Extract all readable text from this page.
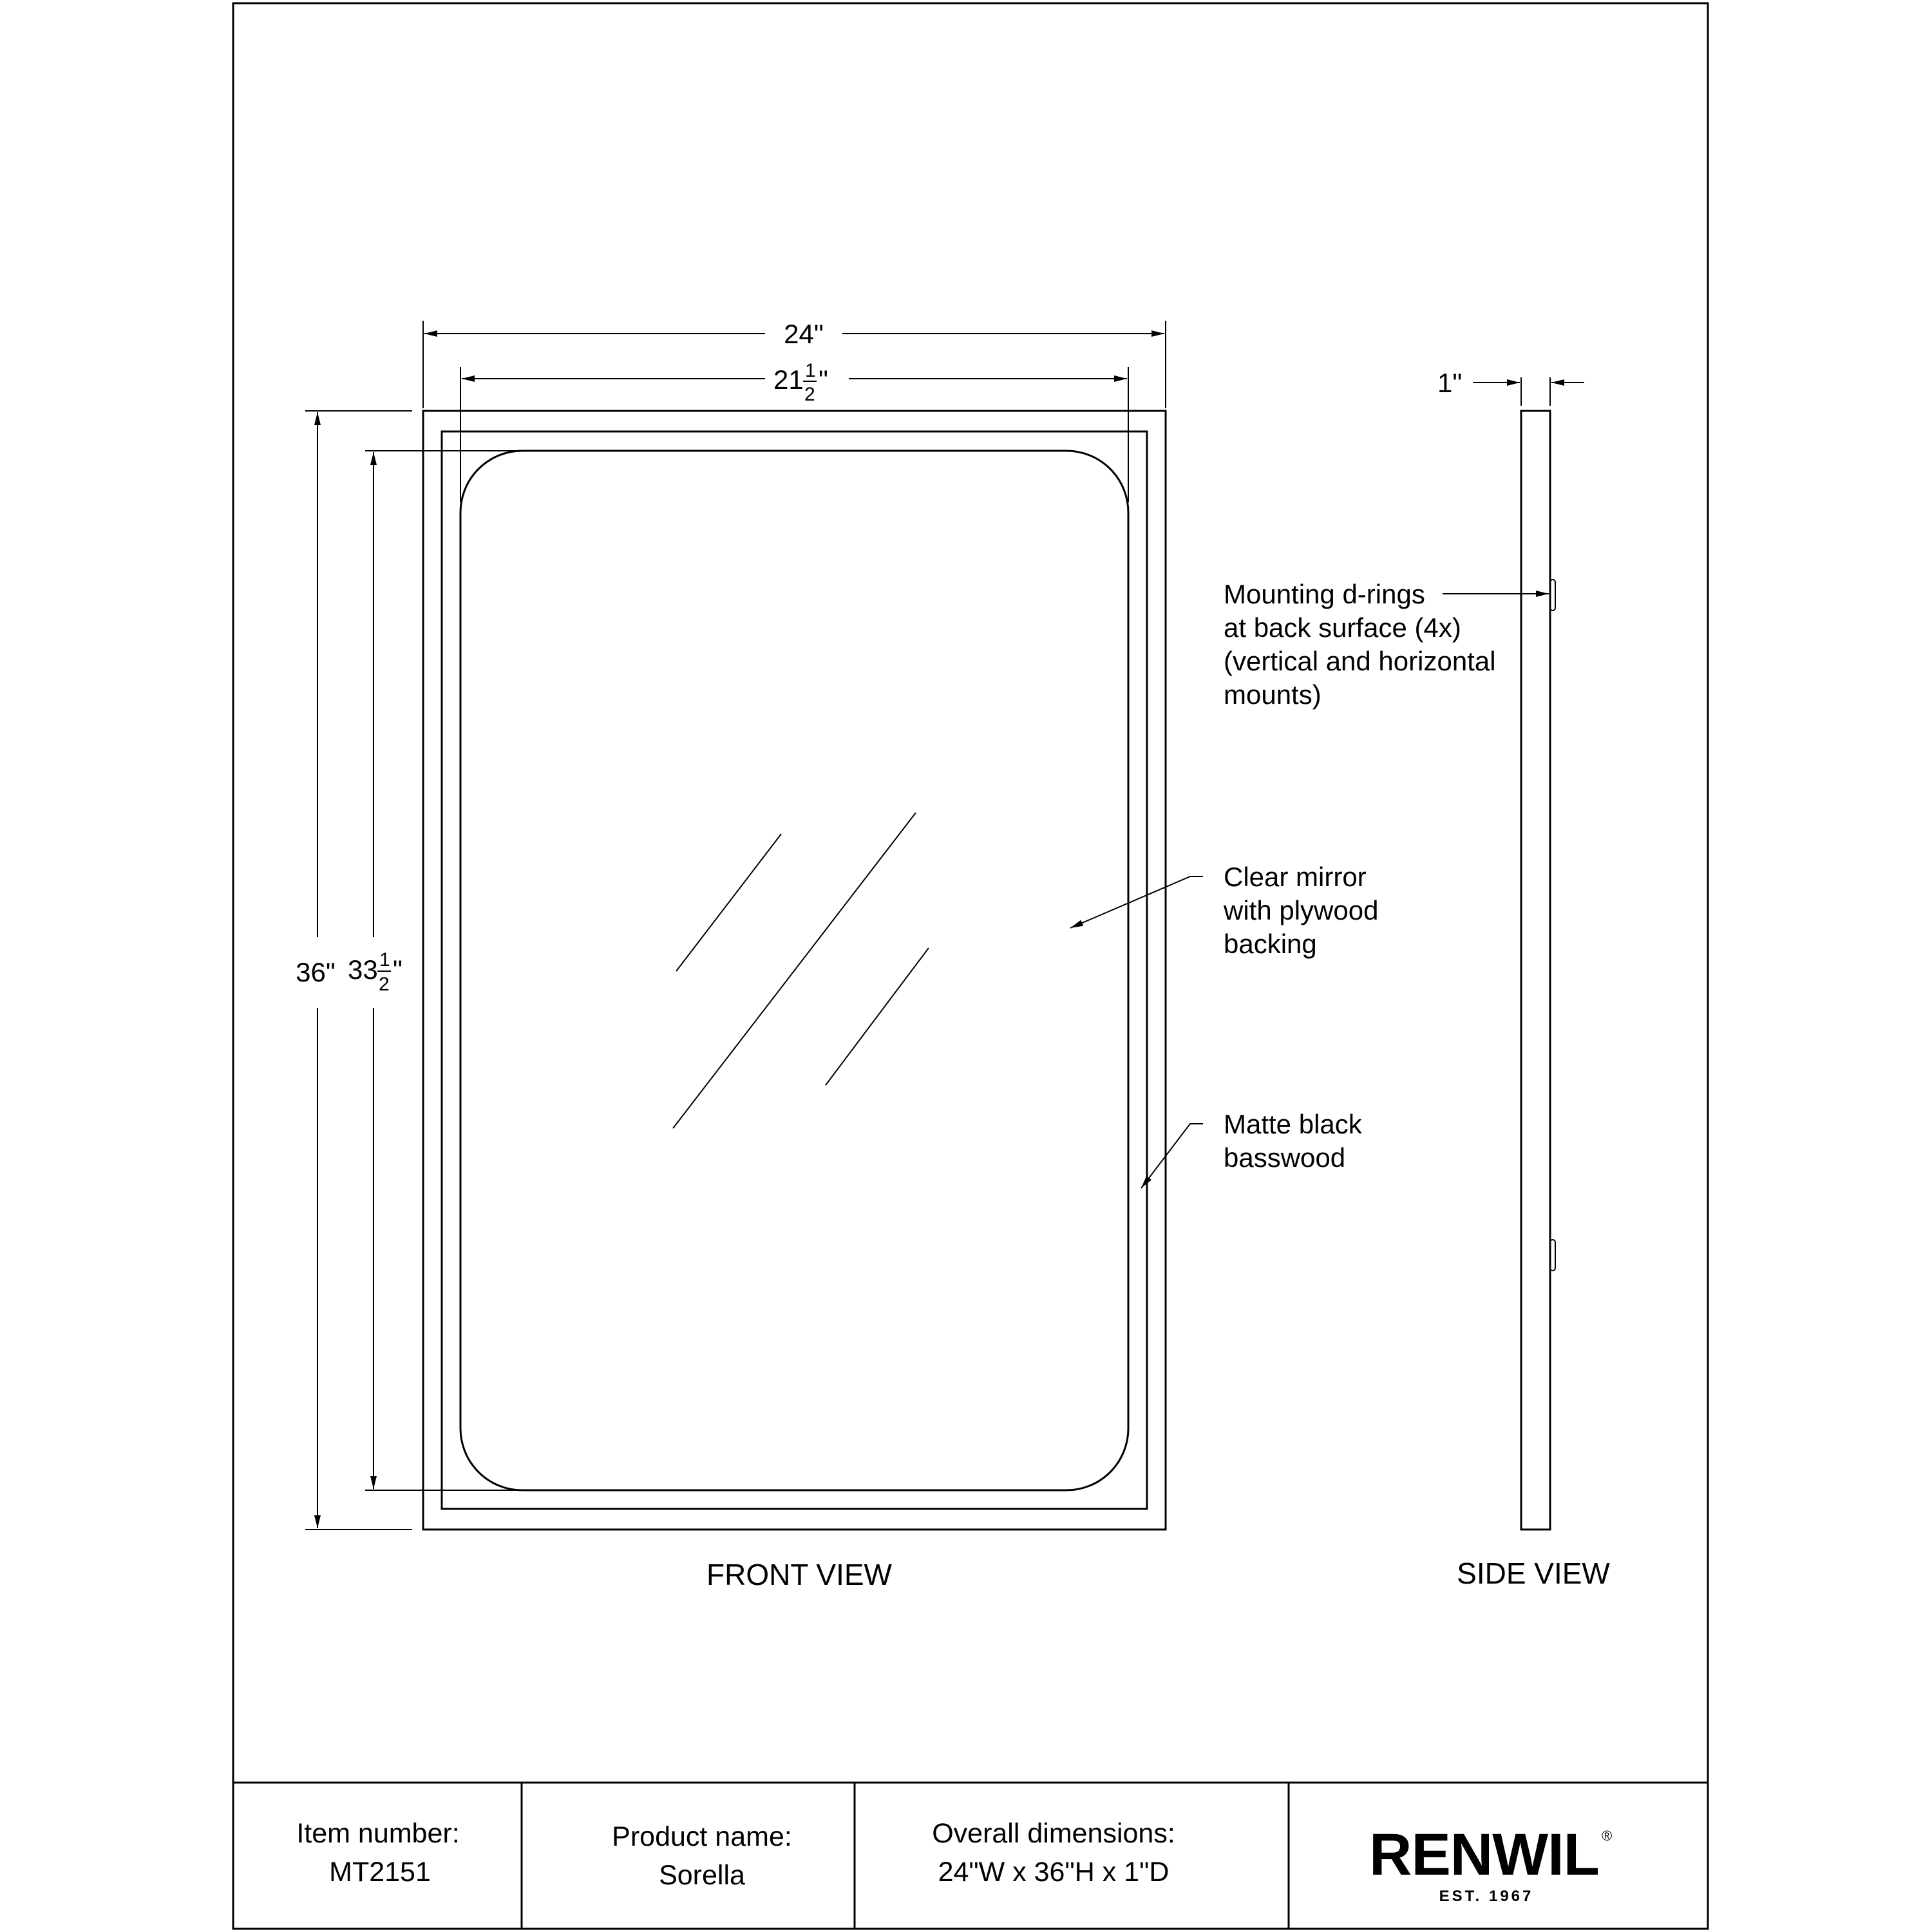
24"
21 1
2 "
36" 33 1
2 "
1"
Mounting d-rings
at back surface (4x)
(vertical and horizontal
mounts)
Clear mirror
with plywood
backing
Matte black
basswood
FRONT VIEW	SIDE VIEW
Item number:
MT2151
Product name:
Sorella
Overall dimensions:
24"W x 36"H x 1"D	RENWIL ®
EST. 1967
